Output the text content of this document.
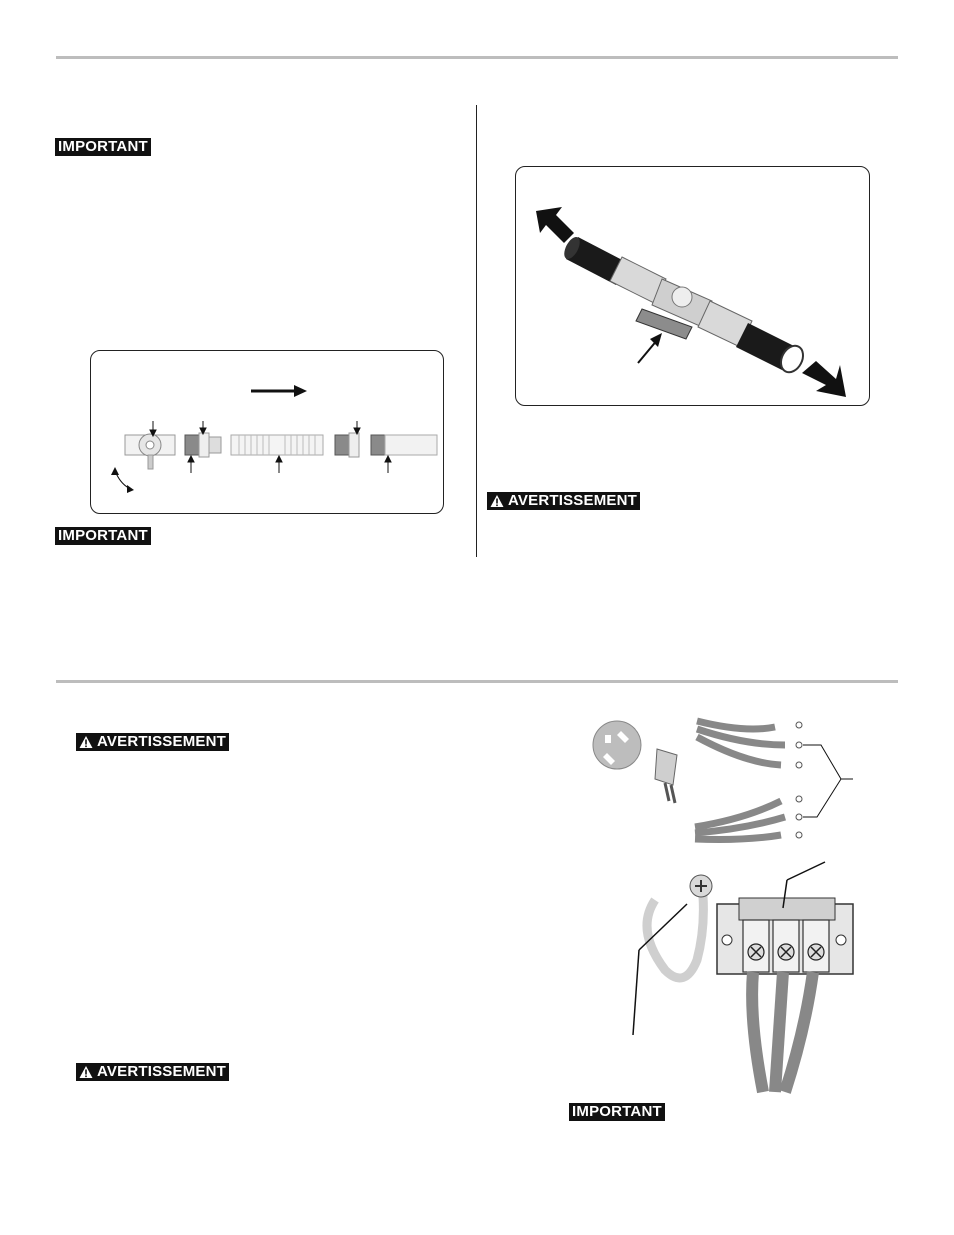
IMPORTANT
IMPORTANT
AVERTISSEMENT
AVERTISSEMENT
AVERTISSEMENT
IMPORTANT
